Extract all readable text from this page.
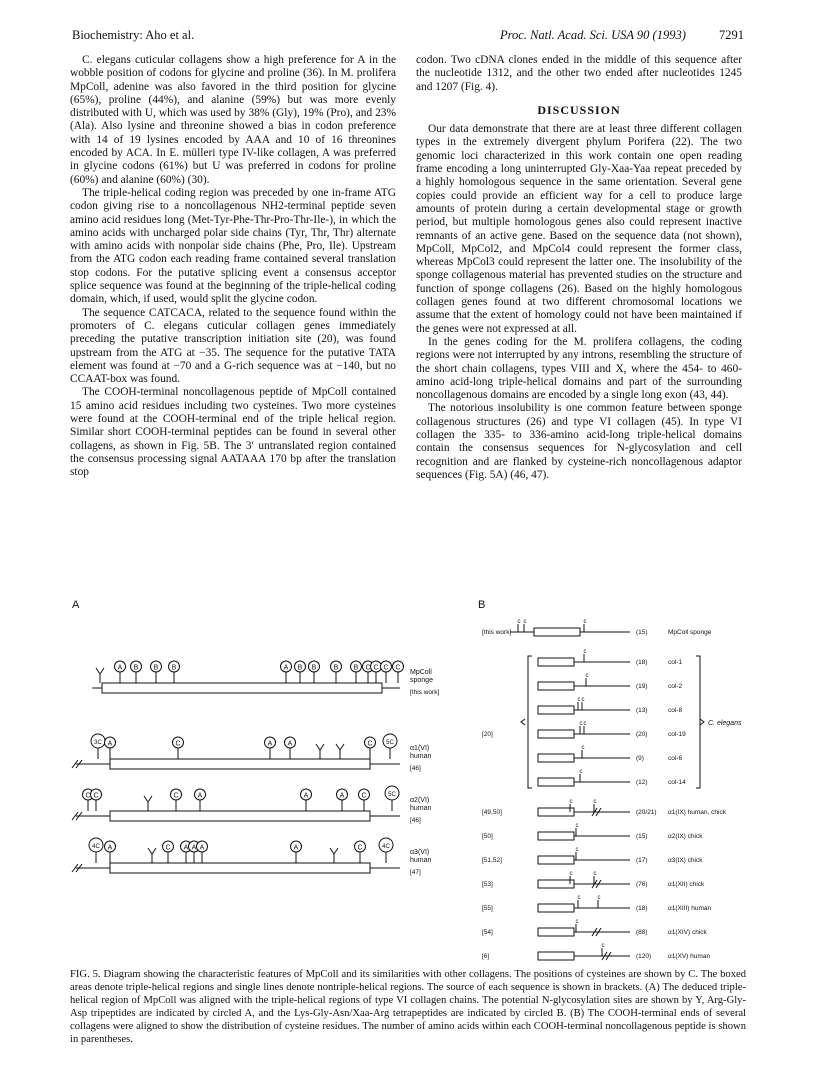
Biochemistry: Aho et al.	Proc. Natl. Acad. Sci. USA 90 (1993)	7291

C. elegans cuticular collagens show a high preference for A in the wobble position of codons for glycine and proline (36). In M. prolifera MpColl, adenine was also favored in the third position for glycine (65%), proline (44%), and alanine (59%) but was more evenly distributed with U, which was used by 38% (Gly), 19% (Pro), and 23% (Ala). Also lysine and threonine showed a bias in codon preference with 14 of 19 lysines encoded by AAA and 10 of 16 threonines encoded by ACA. In E. mülleri type IV-like collagen, A was preferred in glycine codons (61%) but U was preferred in codons for proline (60%) and alanine (60%) (30).

The triple-helical coding region was preceded by one in-frame ATG codon giving rise to a noncollagenous NH2-terminal peptide seven amino acid residues long (Met-Tyr-Phe-Thr-Pro-Thr-Ile-), in which the amino acids with uncharged polar side chains (Tyr, Thr, Thr) alternate with amino acids with nonpolar side chains (Phe, Pro, Ile). Upstream from the ATG codon each reading frame contained several translation stop codons. For the putative splicing event a consensus acceptor splice sequence was found at the beginning of the triple-helical coding domain, which, if used, would split the glycine codon.

The sequence CATCACA, related to the sequence found within the promoters of C. elegans cuticular collagen genes immediately preceding the putative transcription initiation site (20), was found upstream from the ATG at −35. The sequence for the putative TATA element was found at −70 and a G-rich sequence was at −140, but no CCAAT-box was found.

The COOH-terminal noncollagenous peptide of MpColl contained 15 amino acid residues including two cysteines. Two more cysteines were found at the COOH-terminal end of the triple helical region. Similar short COOH-terminal peptides can be found in several other collagens, as shown in Fig. 5B. The 3′ untranslated region contained the consensus processing signal AATAAA 170 bp after the translation stop

codon. Two cDNA clones ended in the middle of this sequence after the nucleotide 1312, and the other two ended after nucleotides 1245 and 1207 (Fig. 4).

DISCUSSION

Our data demonstrate that there are at least three different collagen types in the extremely divergent phylum Porifera (22). The two genomic loci characterized in this work contain one open reading frame encoding a long uninterrupted Gly-Xaa-Yaa repeat preceded by a highly homologous sequence in the same orientation. Several gene copies could provide an efficient way for a cell to produce large amounts of protein during a certain developmental stage or growth period, but multiple homologous genes also could represent inactive remnants of an active gene. Based on the sequence data (not shown), MpColl, MpCol2, and MpCol4 could represent the former class, whereas MpCol3 could represent the latter one. The insolubility of the sponge collagenous material has prevented studies on the structure and function of sponge collagens (26). Based on the highly homologous collagen genes found at two different chromosomal locations we assume that the extent of homology could not have been maintained if the genes were not expressed at all.

In the genes coding for the M. prolifera collagens, the coding regions were not interrupted by any introns, resembling the structure of the short chain collagens, types VIII and X, where the 454- to 460-amino acid-long triple-helical domains and part of the surrounding noncollagenous domains are encoded by a single long exon (43, 44).

The notorious insolubility is one common feature between sponge collagenous structures (26) and type VI collagen (45). In type VI collagen the 335- to 336-amino acid-long triple-helical domains contain the consensus sequences for N-glycosylation and cell recognition and are flanked by cysteine-rich noncollagenous adaptor sequences (Fig. 5A) (46, 47).

A
A B B B	A B B B B C C C
C
MpColl
sponge
[this work]
3C A	C	A A	C 5C
α1(VI)
human
[46]
C C	C	A	A	A C	5C
α2(VI)
human
[46]
4C A	C A A A	A	C	4C
α3(VI)
human
[47]
B
c c	c
[this work]	(15)	MpColl sponge
c
(18)	col-1
c
(19)	col-2
c c
(13)	col-8
c c
[20]	(20)	col-19
c
(9)	col-6
c
(12)	col-14
c	c
[49,50]	(20/21) α1(IX) human, chick
c
[50]	(15)	α2(IX) chick
c
[51,52]	(17)	α3(IX) chick
c	c
[53]	(76)	α1(XII) chick
c	c
[55]	(18)	α1(XIII) human
c
[54]	(88)	α1(XIV) chick
c
[6]	(120)	α1(XV) human
C. elegans
FIG. 5. Diagram showing the characteristic features of MpColl and its similarities with other collagens. The positions of cysteines are shown by C. The boxed areas denote triple-helical regions and single lines denote nontriple-helical regions. The source of each sequence is shown in brackets. (A) The deduced triple-helical region of MpColl was aligned with the triple-helical regions of type VI collagen chains. The potential N-glycosylation sites are shown by Y, Arg-Gly-Asp tripeptides are indicated by circled A, and the Lys-Gly-Asn/Xaa-Arg tetrapeptides are indicated by circled B. (B) The COOH-terminal ends of several collagens were aligned to show the distribution of cysteine residues. The number of amino acids within each COOH-terminal noncollagenous peptide is shown in parentheses.
